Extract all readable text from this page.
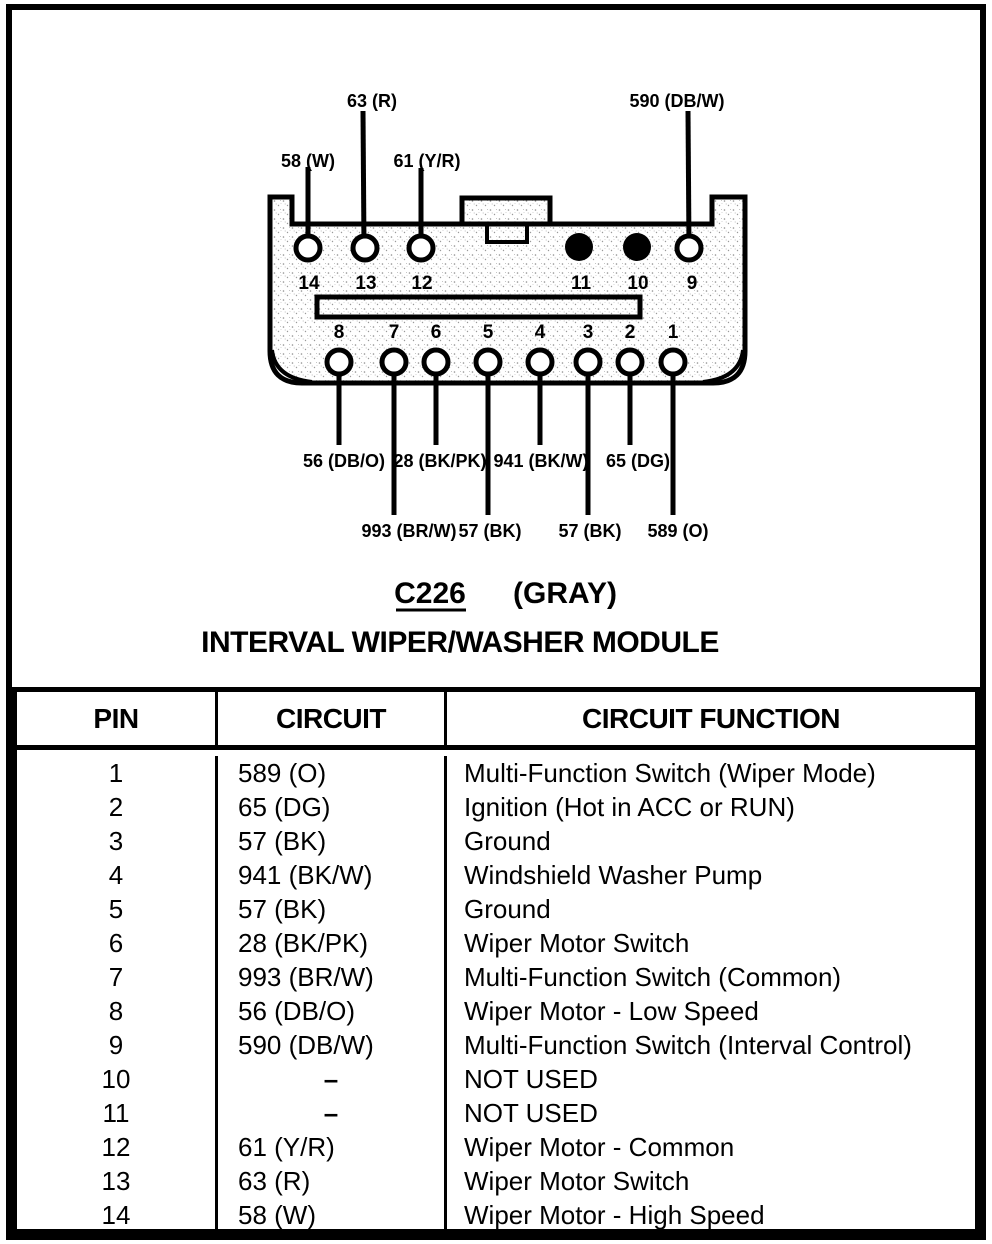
14 13 12	11 10 9
8 7 6 5 4 3 2 1
63 (R)	590 (DB/W)
58 (W)	61 (Y/R)
56 (DB/O) 28 (BK/PK) 941 (BK/W) 65 (DG)
993 (BR/W) 57 (BK) 57 (BK) 589 (O)
C226 (GRAY)
INTERVAL WIPER/WASHER MODULE
PIN	CIRCUIT	CIRCUIT FUNCTION
1	589 (O)	Multi-Function Switch (Wiper Mode)
2	65 (DG)	Ignition (Hot in ACC or RUN)
3	57 (BK)	Ground
4	941 (BK/W)	Windshield Washer Pump
5	57 (BK)	Ground
6	28 (BK/PK)	Wiper Motor Switch
7	993 (BR/W)	Multi-Function Switch (Common)
8	56 (DB/O)	Wiper Motor - Low Speed
9	590 (DB/W)	Multi-Function Switch (Interval Control)
10	–	NOT USED
11	–	NOT USED
12	61 (Y/R)	Wiper Motor - Common
13	63 (R)	Wiper Motor Switch
14	58 (W)	Wiper Motor - High Speed
